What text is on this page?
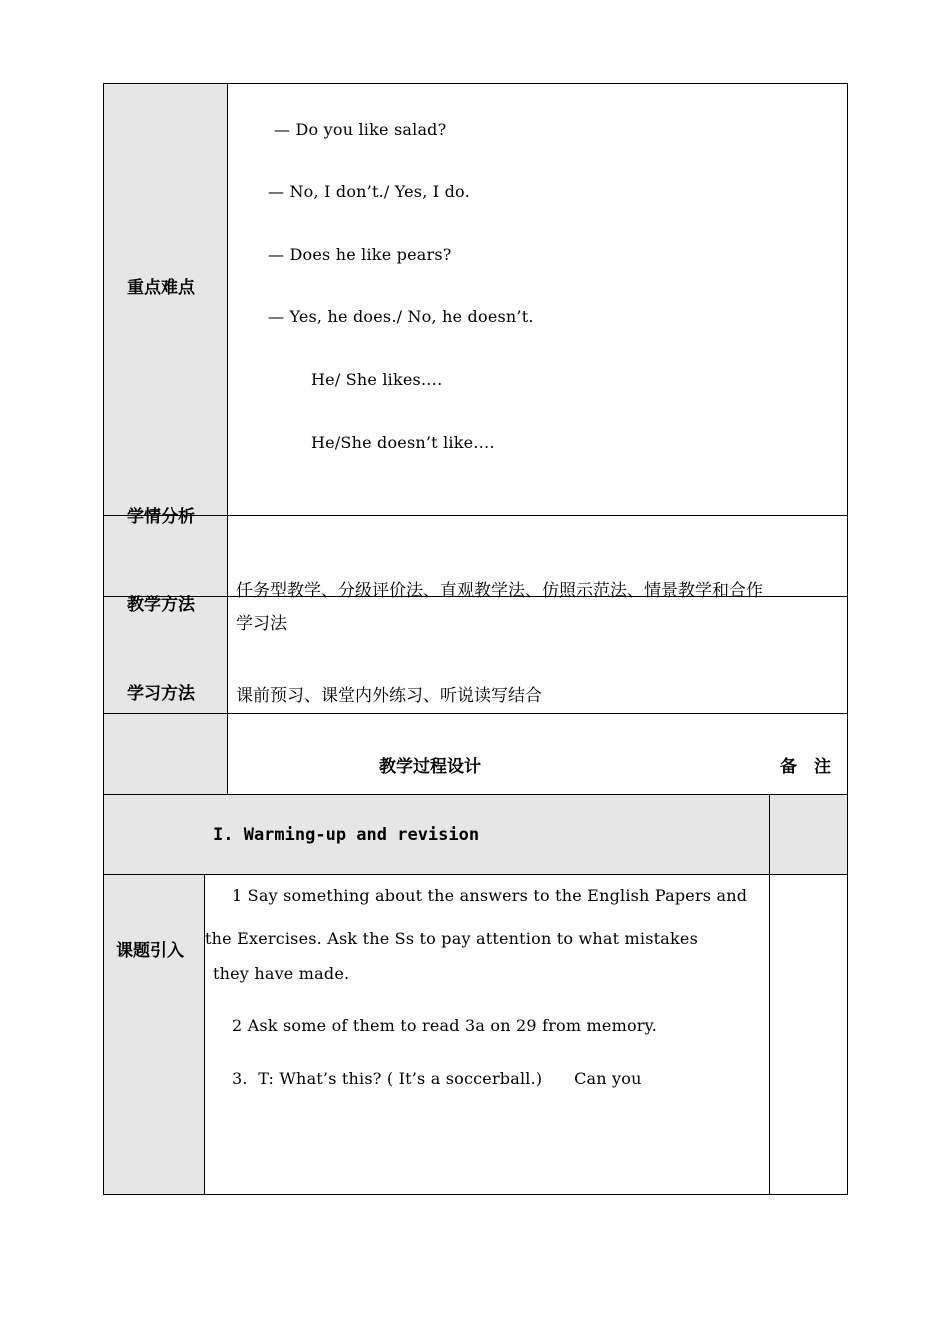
重点难点
— Do you like salad?
— No, I don’t./ Yes, I do.
— Does he like pears?
— Yes, he does./ No, he doesn’t.
He/ She likes….
He/She doesn’t like….
学情分析
教学方法
任务型教学、分级评价法、直观教学法、仿照示范法、情景教学和合作
学习法
学习方法 课前预习、课堂内外练习、听说读写结合
教学过程设计	备　注
I. Warming-up and revision
课题引入
1 Say something about the answers to the English Papers and
the Exercises. Ask the Ss to pay attention to what mistakes
they have made.
2 Ask some of them to read 3a on 29 from memory.
3.  T: What’s this? ( It’s a soccerball.)      Can you
